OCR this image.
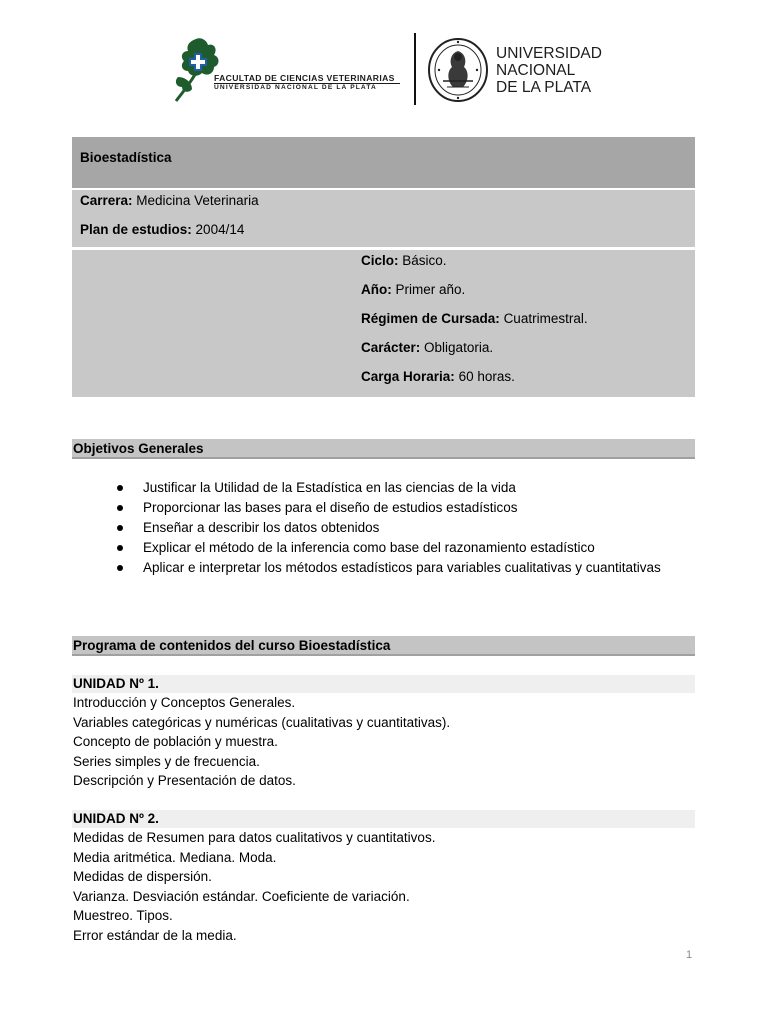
FACULTAD DE CIENCIAS VETERINARIAS
UNIVERSIDAD NACIONAL DE LA PLATA
UNIVERSIDAD
NACIONAL
DE LA PLATA
Bioestadística
Carrera: Medicina Veterinaria
Plan de estudios: 2004/14
Ciclo: Básico.
Año: Primer año.
Régimen de Cursada: Cuatrimestral.
Carácter: Obligatoria.
Carga Horaria: 60 horas.
Objetivos Generales
Justificar la Utilidad de la Estadística en las ciencias de la vida
Proporcionar las bases para el diseño de estudios estadísticos
Enseñar a describir los datos obtenidos
Explicar el método de la inferencia como base del razonamiento estadístico
Aplicar e interpretar los métodos estadísticos para variables cualitativas y cuantitativas
Programa de contenidos del curso Bioestadística
UNIDAD Nº 1.
Introducción y Conceptos Generales.
Variables categóricas y numéricas (cualitativas y cuantitativas).
Concepto de población y muestra.
Series simples y de frecuencia.
Descripción y Presentación de datos.
UNIDAD Nº 2.
Medidas de Resumen para datos cualitativos y cuantitativos.
Media aritmética. Mediana. Moda.
Medidas de dispersión.
Varianza. Desviación estándar. Coeficiente de variación.
Muestreo. Tipos.
Error estándar de la media.
1
